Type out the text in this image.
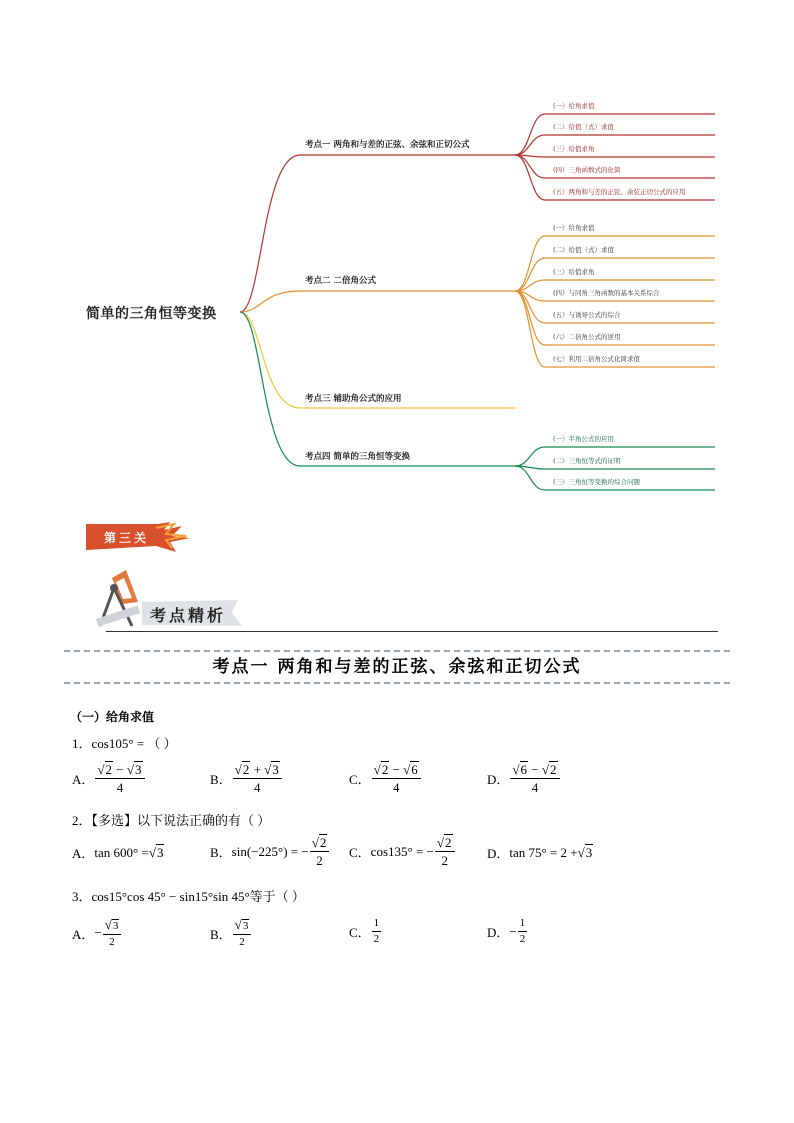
简单的三角恒等变换
考点一 两角和与差的正弦、余弦和正切公式
考点二 二倍角公式
考点三 辅助角公式的应用
考点四 简单的三角恒等变换
(一）给角求值
(二）给值（式）求值
(三）给值求角
(四）三角函数式的化简
(五）两角和与差的正弦、余弦正切公式的应用
(一）给角求值
(二）给值（式）求值
(三）给值求角
(四）与同角三角函数的基本关系综合
(五）与诱导公式的综合
(六）二倍角公式的逆用
(七）利用二倍角公式化简求值
(一）半角公式的应用
(二）三角恒等式的证明
(三）三角恒等变换的综合问题
第三关
考点精析
考点一 两角和与差的正弦、余弦和正切公式
（一）给角求值
1．cos105° = （ ）
A． $\frac{√2 - √3}{4}$	B． $\frac{√2 + √3}{4}$	C． $\frac{√2 - √6}{4}$	D． $\frac{√6 - √2}{4}$
2．【多选】以下说法正确的有（ ）
A． tan 600° = √ 3	B． sin(−225°) = − $\frac{√2}{2}$ C． cos135° = − $\frac{√2}{2}$ D． tan 75° = 2 + √ 3
3．cos15°cos 45° − sin15°sin 45°等于（ ）
A． − $\frac{√3}{2}$	B． $\frac{√3}{2}$	C． $\frac{1}{2}$	D． − $\frac{1}{2}$
